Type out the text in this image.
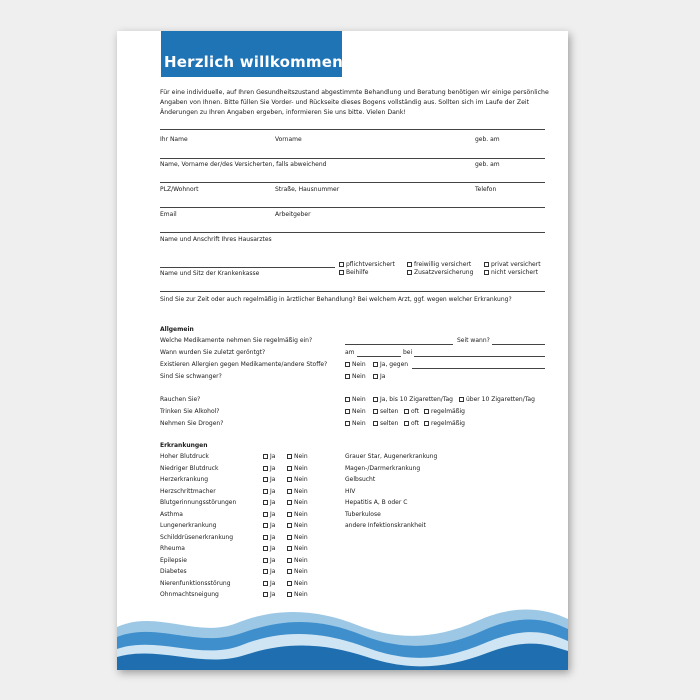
Herzlich willkommen!
Für eine individuelle, auf Ihren Gesundheitszustand abgestimmte Behandlung und Beratung benötigen wir einige persönliche Angaben von Ihnen. Bitte füllen Sie Vorder- und Rückseite dieses Bogens vollständig aus. Sollten sich im Laufe der Zeit Änderungen zu Ihren Angaben ergeben, informieren Sie uns bitte. Vielen Dank!
Ihr Name	Vorname	geb. am
Name, Vorname der/des Versicherten, falls abweichend	geb. am
PLZ/Wohnort	Straße, Hausnummer	Telefon
Email	Arbeitgeber
Name und Anschrift Ihres Hausarztes
Name und Sitz der Krankenkasse
pflichtversichert	freiwillig versichert	privat versichert
Beihilfe	Zusatzversicherung	nicht versichert
Sind Sie zur Zeit oder auch regelmäßig in ärztlicher Behandlung? Bei welchem Arzt, ggf. wegen welcher Erkrankung?
Allgemein
Welche Medikamente nehmen Sie regelmäßig ein?	Seit wann?
Wann wurden Sie zuletzt geröntgt?	am	bei
Existieren Allergien gegen Medikamente/andere Stoffe?	Nein	Ja, gegen
Sind Sie schwanger?	Nein	Ja
Rauchen Sie?	Nein	Ja, bis 10 Zigaretten/Tag	über 10 Zigaretten/Tag
Trinken Sie Alkohol?	Nein	selten	oft	regelmäßig
Nehmen Sie Drogen?	Nein	selten	oft	regelmäßig
Erkrankungen
Hoher Blutdruck	Ja	Nein
Niedriger Blutdruck	Ja	Nein
Herzerkrankung	Ja	Nein
Herzschrittmacher	Ja	Nein
Blutgerinnungsstörungen	Ja	Nein
Asthma	Ja	Nein
Lungenerkrankung	Ja	Nein
Schilddrüsenerkrankung	Ja	Nein
Rheuma	Ja	Nein
Epilepsie	Ja	Nein
Diabetes	Ja	Nein
Nierenfunktionsstörung	Ja	Nein
Ohnmachtsneigung	Ja	Nein
Grauer Star, Augenerkrankung
Magen-/Darmerkrankung
Gelbsucht
HIV
Hepatitis A, B oder C
Tuberkulose
andere Infektionskrankheit
